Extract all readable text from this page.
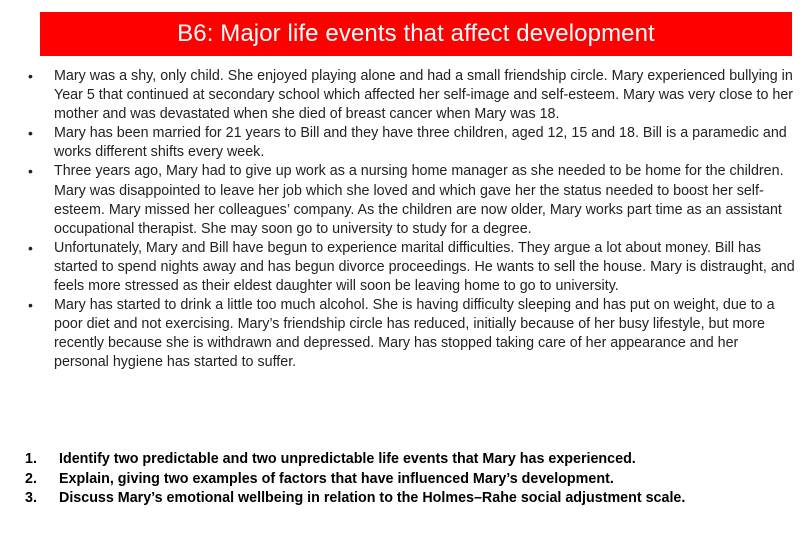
B6: Major life events that affect development
•	Mary was a shy, only child. She enjoyed playing alone and had a small friendship circle. Mary experienced bullying in Year 5 that continued at secondary school which affected her self-image and self-esteem. Mary was very close to her mother and was devastated when she died of breast cancer when Mary was 18.
•	Mary has been married for 21 years to Bill and they have three children, aged 12, 15 and 18. Bill is a paramedic and works different shifts every week.
•	Three years ago, Mary had to give up work as a nursing home manager as she needed to be home for the children. Mary was disappointed to leave her job which she loved and which gave her the status needed to boost her self-esteem. Mary missed her colleagues’ company. As the children are now older, Mary works part time as an assistant occupational therapist. She may soon go to university to study for a degree.
•	Unfortunately, Mary and Bill have begun to experience marital difficulties. They argue a lot about money. Bill has started to spend nights away and has begun divorce proceedings. He wants to sell the house. Mary is distraught, and feels more stressed as their eldest daughter will soon be leaving home to go to university.
•	Mary has started to drink a little too much alcohol. She is having difficulty sleeping and has put on weight, due to a poor diet and not exercising. Mary’s friendship circle has reduced, initially because of her busy lifestyle, but more recently because she is withdrawn and depressed. Mary has stopped taking care of her appearance and her personal hygiene has started to suffer.
1. Identify two predictable and two unpredictable life events that Mary has experienced.
2. Explain, giving two examples of factors that have influenced Mary’s development.
3. Discuss Mary’s emotional wellbeing in relation to the Holmes–Rahe social adjustment scale.
